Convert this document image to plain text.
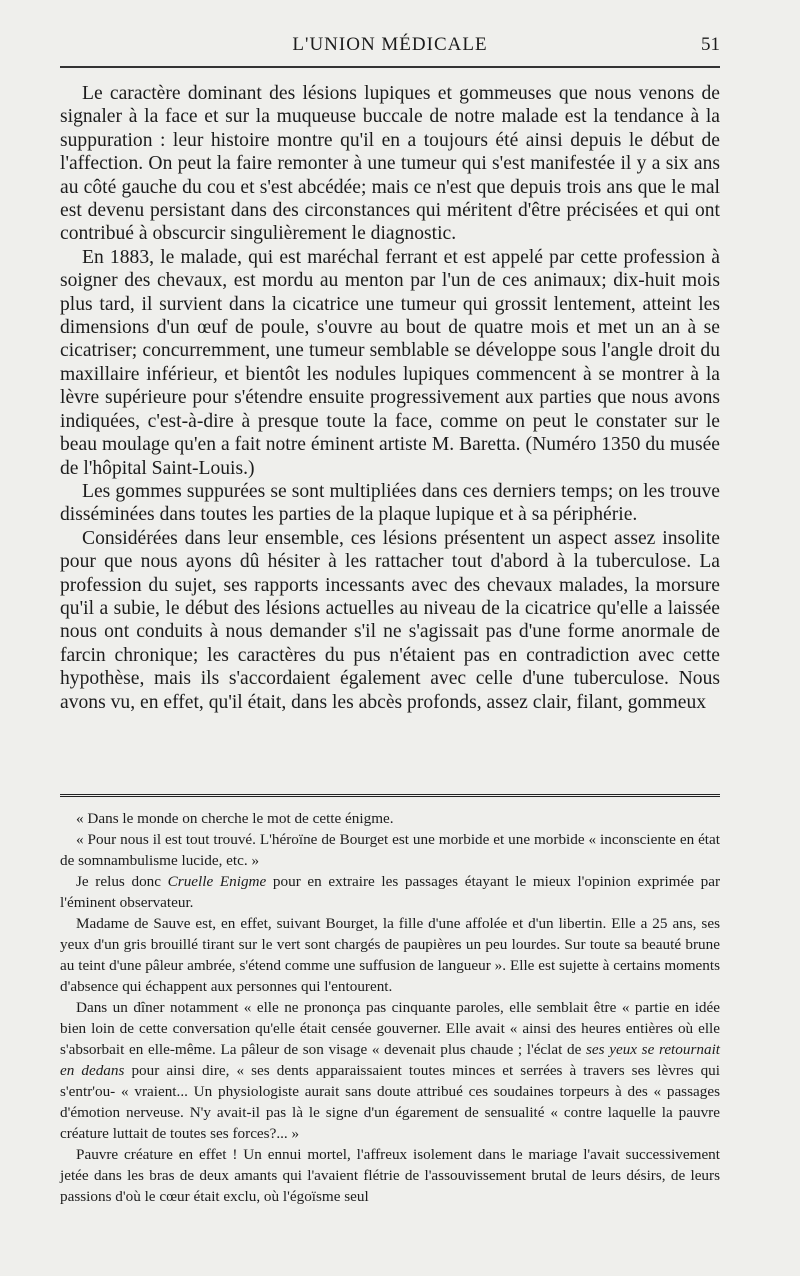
L'UNION MÉDICALE	51

Le caractère dominant des lésions lupiques et gommeuses que nous venons de signaler à la face et sur la muqueuse buccale de notre malade est la tendance à la suppuration : leur histoire montre qu'il en a toujours été ainsi depuis le début de l'affection. On peut la faire remonter à une tumeur qui s'est manifestée il y a six ans au côté gauche du cou et s'est abcédée; mais ce n'est que depuis trois ans que le mal est devenu persistant dans des circonstances qui méritent d'être précisées et qui ont contribué à obscurcir singulièrement le diagnostic.

En 1883, le malade, qui est maréchal ferrant et est appelé par cette profession à soigner des chevaux, est mordu au menton par l'un de ces animaux; dix-huit mois plus tard, il survient dans la cicatrice une tumeur qui grossit lentement, atteint les dimensions d'un œuf de poule, s'ouvre au bout de quatre mois et met un an à se cicatriser; concurremment, une tumeur semblable se développe sous l'angle droit du maxillaire inférieur, et bientôt les nodules lupiques commencent à se montrer à la lèvre supérieure pour s'étendre ensuite progressivement aux parties que nous avons indiquées, c'est-à-dire à presque toute la face, comme on peut le constater sur le beau moulage qu'en a fait notre éminent artiste M. Baretta. (Numéro 1350 du musée de l'hôpital Saint-Louis.)

Les gommes suppurées se sont multipliées dans ces derniers temps; on les trouve disséminées dans toutes les parties de la plaque lupique et à sa périphérie.

Considérées dans leur ensemble, ces lésions présentent un aspect assez insolite pour que nous ayons dû hésiter à les rattacher tout d'abord à la tuberculose. La profession du sujet, ses rapports incessants avec des chevaux malades, la morsure qu'il a subie, le début des lésions actuelles au niveau de la cicatrice qu'elle a laissée nous ont conduits à nous demander s'il ne s'agissait pas d'une forme anormale de farcin chronique; les caractères du pus n'étaient pas en contradiction avec cette hypothèse, mais ils s'accordaient également avec celle d'une tuberculose. Nous avons vu, en effet, qu'il était, dans les abcès profonds, assez clair, filant, gommeux

« Dans le monde on cherche le mot de cette énigme.

« Pour nous il est tout trouvé. L'héroïne de Bourget est une morbide et une morbide « inconsciente en état de somnambulisme lucide, etc. »

Je relus donc Cruelle Enigme pour en extraire les passages étayant le mieux l'opinion exprimée par l'éminent observateur.

Madame de Sauve est, en effet, suivant Bourget, la fille d'une affolée et d'un libertin. Elle a 25 ans, ses yeux d'un gris brouillé tirant sur le vert sont chargés de paupières un peu lourdes. Sur toute sa beauté brune au teint d'une pâleur ambrée, s'étend comme une suffusion de langueur ». Elle est sujette à certains moments d'absence qui échappent aux personnes qui l'entourent.

Dans un dîner notamment « elle ne prononça pas cinquante paroles, elle semblait être « partie en idée bien loin de cette conversation qu'elle était censée gouverner. Elle avait « ainsi des heures entières où elle s'absorbait en elle-même. La pâleur de son visage « devenait plus chaude ; l'éclat de ses yeux se retournait en dedans pour ainsi dire, « ses dents apparaissaient toutes minces et serrées à travers ses lèvres qui s'entr'ou- « vraient... Un physiologiste aurait sans doute attribué ces soudaines torpeurs à des « passages d'émotion nerveuse. N'y avait-il pas là le signe d'un égarement de sensualité « contre laquelle la pauvre créature luttait de toutes ses forces?... »

Pauvre créature en effet ! Un ennui mortel, l'affreux isolement dans le mariage l'avait successivement jetée dans les bras de deux amants qui l'avaient flétrie de l'assouvissement brutal de leurs désirs, de leurs passions d'où le cœur était exclu, où l'égoïsme seul
